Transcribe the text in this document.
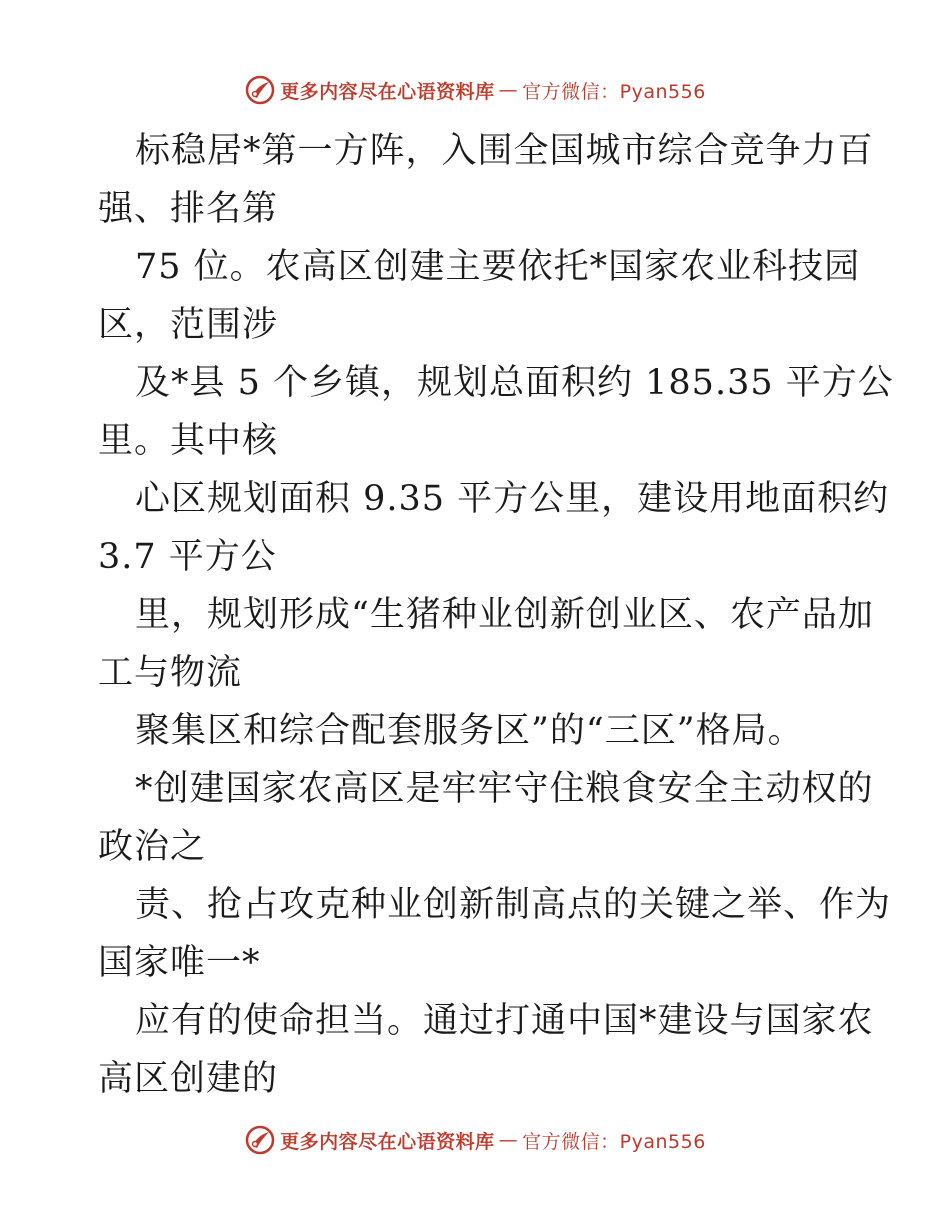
更多内容尽在心语资料库 — 官方微信：Pyan556
标稳居*第一方阵，入围全国城市综合竞争力百
强、排名第
75 位。农高区创建主要依托*国家农业科技园
区，范围涉
及*县 5 个乡镇，规划总面积约 185.35 平方公
里。其中核
心区规划面积 9.35 平方公里，建设用地面积约
3.7 平方公
里，规划形成“生猪种业创新创业区、农产品加
工与物流
聚集区和综合配套服务区”的“三区”格局。
*创建国家农高区是牢牢守住粮食安全主动权的
政治之
责、抢占攻克种业创新制高点的关键之举、作为
国家唯一*
应有的使命担当。通过打通中国*建设与国家农
高区创建的
更多内容尽在心语资料库 — 官方微信：Pyan556
